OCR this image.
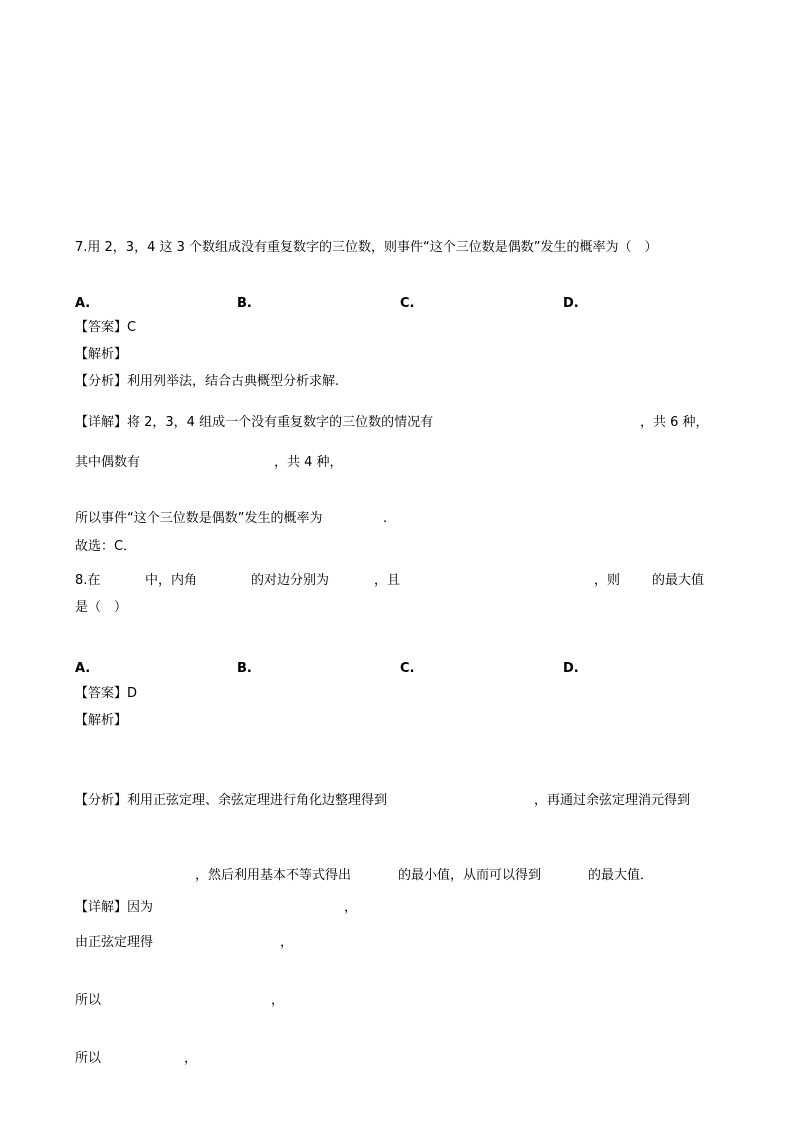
7.用 2，3，4 这 3 个数组成没有重复数字的三位数，则事件“这个三位数是偶数”发生的概率为（　）
A.	B.	C.	D.
【答案】C
【解析】
【分析】利用列举法，结合古典概型分析求解.
【详解】将 2，3，4 组成一个没有重复数字的三位数的情况有	，共 6 种，
其中偶数有	，共 4 种，
所以事件“这个三位数是偶数”发生的概率为	.
故选：C．
8.在	中，内角	的对边分别为	，且	，则 的最大值
是（　）
A.	B.	C.	D.
【答案】D
【解析】
【分析】利用正弦定理、余弦定理进行角化边整理得到	，再通过余弦定理消元得到
，然后利用基本不等式得出	的最小值，从而可以得到	的最大值．
【详解】因为	，
由正弦定理得	，
所以	，
所以	，
